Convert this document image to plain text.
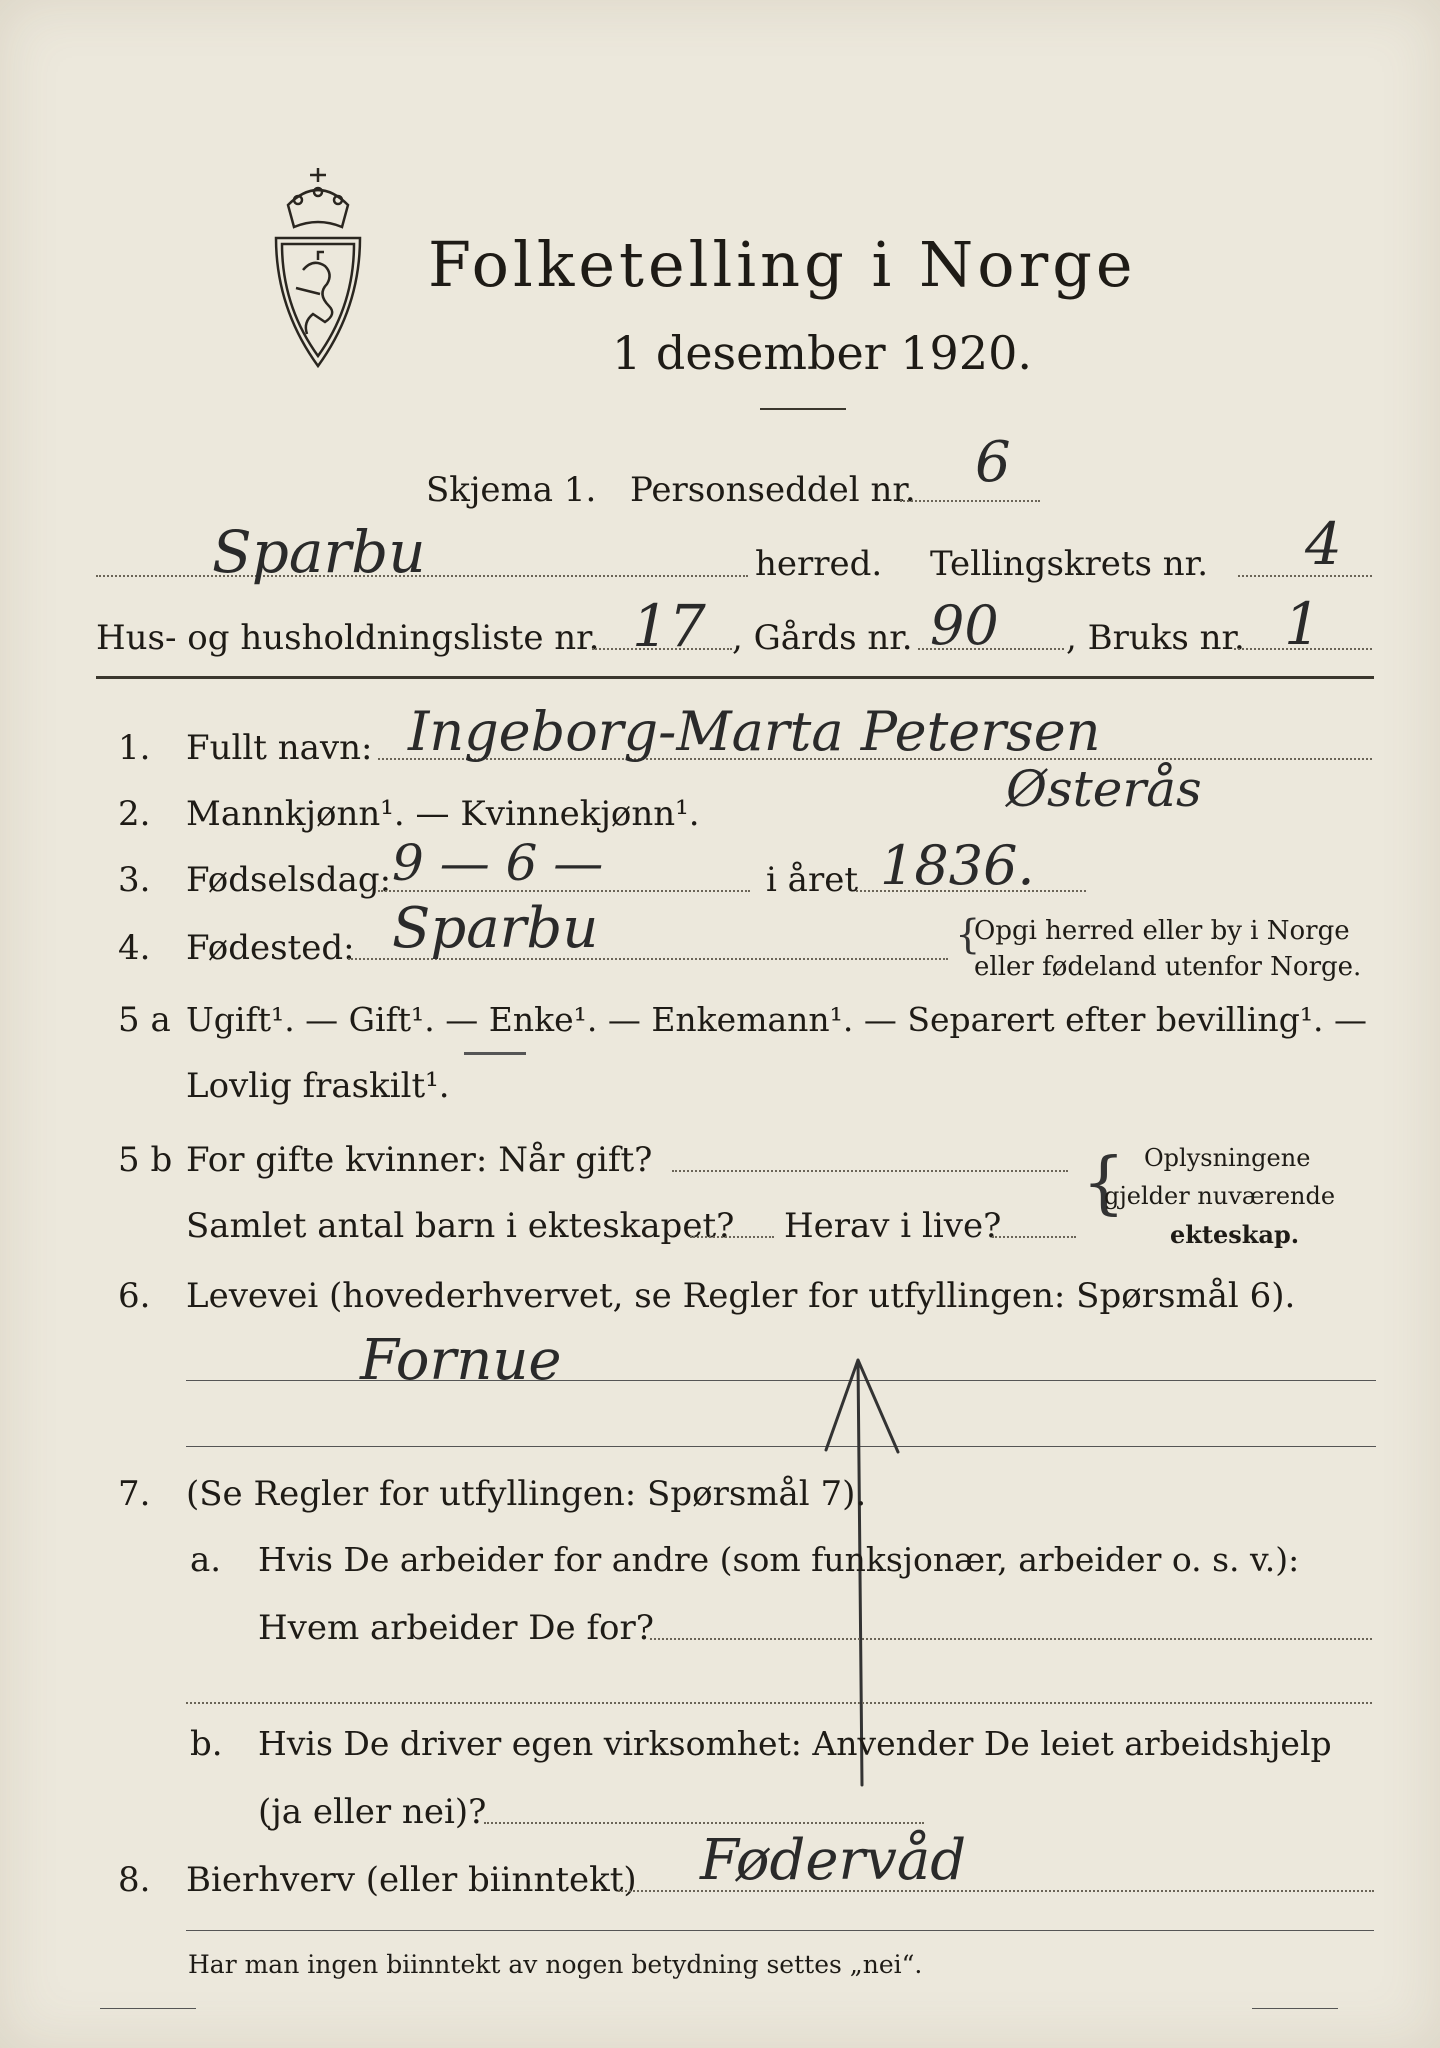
Folketelling i Norge
1 desember 1920.
Skjema 1. Personseddel nr. 6
Sparbu	herred. Tellingskrets nr. 4
Hus- og husholdningsliste nr. 17 , Gårds nr. 90 , Bruks nr. 1
1. Fullt navn: Ingeborg-Marta Petersen
2. Mannkjønn¹. — Kvinnekjønn¹.	Østerås
3. Fødselsdag: 9 — 6 —	i året 1836.
4. Fødested: Sparbu	{
Opgi herred eller by i Norge
eller fødeland utenfor Norge.
5 a Ugift¹. — Gift¹. — Enke¹. — Enkemann¹. — Separert efter bevilling¹. —
Lovlig fraskilt¹.
5 b For gifte kvinner: Når gift?
Samlet antal barn i ekteskapet? Herav i live?
{ Oplysningene
gjelder nuværende
ekteskap.
6. Levevei (hovederhvervet, se Regler for utfyllingen: Spørsmål 6).
Fornue
7. (Se Regler for utfyllingen: Spørsmål 7).
a. Hvis De arbeider for andre (som funksjonær, arbeider o. s. v.):
Hvem arbeider De for?
b. Hvis De driver egen virksomhet: Anvender De leiet arbeidshjelp
(ja eller nei)?
8. Bierhverv (eller biinntekt) Fødervåd
Har man ingen biinntekt av nogen betydning settes „nei“.
